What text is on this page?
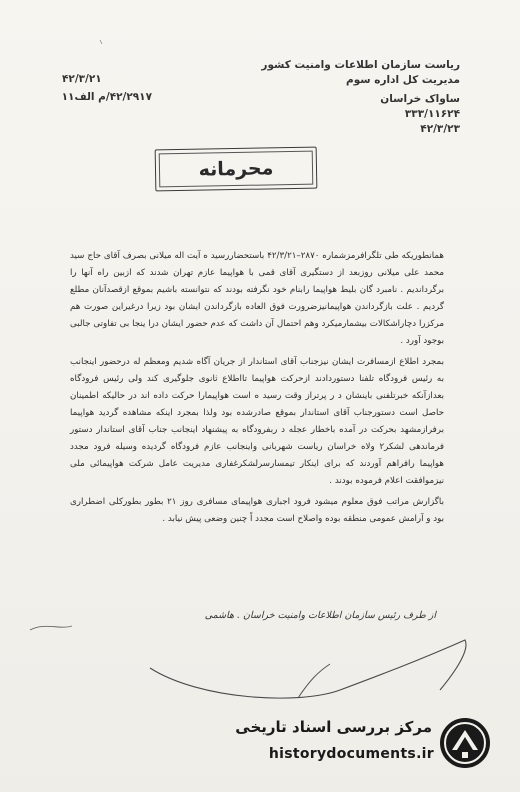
ریاست سازمان اطلاعات وامنیت کشور
مدیریت کل اداره سوم
ساواک خراسان
۳۳۳/۱۱۶۲۴
۴۲/۳/۲۳
۴۲/۳/۲۱
۴۲/۲۹۱۷/م الف۱۱
محرمانه

همانطوریکه طی تلگرافرمزشماره ۲۸۷۰–۴۲/۳/۲۱ باستحضاررسید ه آیت اله میلانی بصرف آقای حاج سید محمد علی میلانی روزبعد از دستگیری آقای قمی با هواپیما عازم تهران شدند که ازبین راه آنها را برگرداندیم . نامبرد گان بلیط هواپیما رابنام خود نگرفته بودند که نتوانسته باشیم بموقع ازقصدآنان مطلع گردیم . علت بازگرداندن هواپیمانیزضرورت فوق العاده بازگرداندن ایشان بود زیرا درغیراین صورت هم مرکزرا دچاراشکالات بیشمارمیکرد وهم احتمال آن داشت که عدم حضور ایشان درا ینجا بی تفاوتی جالبی بوجود آورد .

بمجرد اطلاع ازمسافرت ایشان نیزجناب آقای استاندار از جریان آگاه شدیم ومعظم له درحضور اینجانب به رئیس فرودگاه تلفنا دستوردادند ازحرکت هواپیما تااطلاع ثانوی جلوگیری کند ولی رئیس فرودگاه بعدازآنکه خبرتلفنی باینشان د ر پرتراز وقت رسید ه است هواپیمارا حرکت داده اند در حالیکه اطمینان حاصل است دستورجناب آقای استاندار بموقع صادرشده بود ولذا بمجرد اینکه مشاهده گردید هواپیما برفرازمشهد بحرکت در آمده باخطار عجله د ربفرودگاه به پیشنهاد اینجانب جناب آقای استاندار دستور فرماندهی لشکر۲ ولاه خراسان ریاست شهربانی واینجانب عازم فرودگاه گردیده وسیله فرود مجدد هواپیما رافراهم آوردند که برای اینکار تیمسارسرلشکرغفاری مدیریت عامل شرکت هواپیمائی ملی نیزموافقت اعلام فرموده بودند .

باگزارش مراتب فوق معلوم میشود فرود اجباری هواپیمای مسافری روز ۲۱ بطور بطورکلی اضطراری بود و آرامش عمومی منطقه بوده واصلاح است مجدد اً چنین وضعی پیش نیابد .

از طرف رئیس سازمان اطلاعات وامنیت خراسان . هاشمی
مرکز بررسی اسناد تاریخی
historydocuments.ir
